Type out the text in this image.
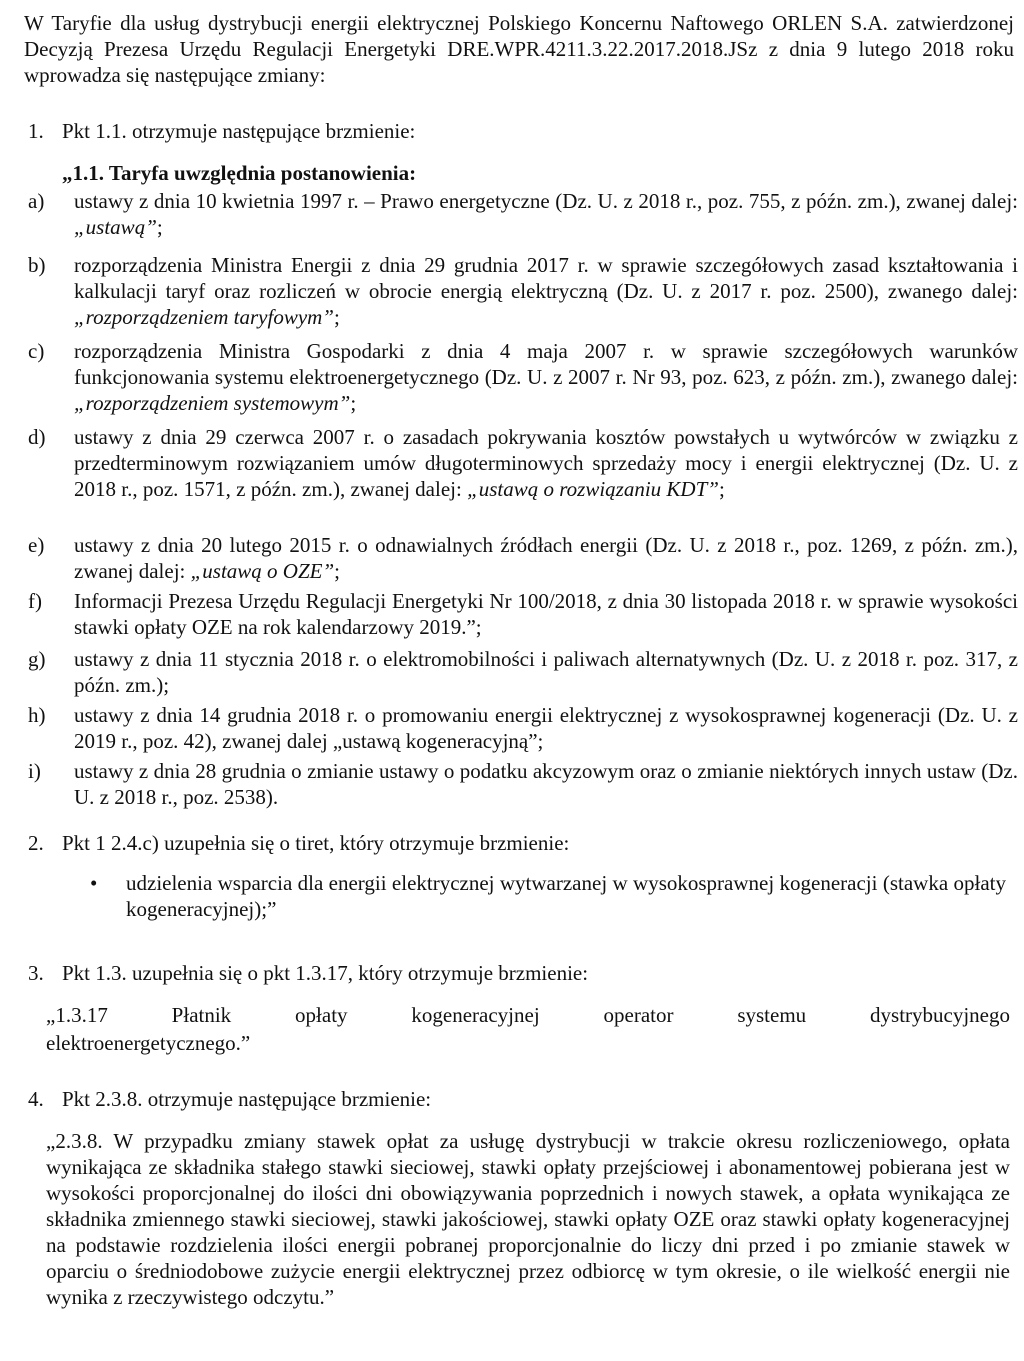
W Taryfie dla usług dystrybucji energii elektrycznej Polskiego Koncernu Naftowego ORLEN S.A. zatwierdzonej Decyzją Prezesa Urzędu Regulacji Energetyki DRE.WPR.4211.3.22.2017.2018.JSz z dnia 9 lutego 2018 roku wprowadza się następujące zmiany:
1. Pkt 1.1. otrzymuje następujące brzmienie:
„1.1. Taryfa uwzględnia postanowienia:
a)	ustawy z dnia 10 kwietnia 1997 r. – Prawo energetyczne (Dz. U. z 2018 r., poz. 755, z późn. zm.), zwanej dalej: „ustawą”;
b)	rozporządzenia Ministra Energii z dnia 29 grudnia 2017 r. w sprawie szczegółowych zasad kształtowania i kalkulacji taryf oraz rozliczeń w obrocie energią elektryczną (Dz. U. z 2017 r. poz. 2500), zwanego dalej: „rozporządzeniem taryfowym”;
c)	rozporządzenia Ministra Gospodarki z dnia 4 maja 2007 r. w sprawie szczegółowych warunków funkcjonowania systemu elektroenergetycznego (Dz. U. z 2007 r. Nr 93, poz. 623, z późn. zm.), zwanego dalej: „rozporządzeniem systemowym”;
d)	ustawy z dnia 29 czerwca 2007 r. o zasadach pokrywania kosztów powstałych u wytwórców w związku z przedterminowym rozwiązaniem umów długoterminowych sprzedaży mocy i energii elektrycznej (Dz. U. z 2018 r., poz. 1571, z późn. zm.), zwanej dalej: „ustawą o rozwiązaniu KDT”;
e)	ustawy z dnia 20 lutego 2015 r. o odnawialnych źródłach energii (Dz. U. z 2018 r., poz. 1269, z późn. zm.), zwanej dalej: „ustawą o OZE”;
f)	Informacji Prezesa Urzędu Regulacji Energetyki Nr 100/2018, z dnia 30 listopada 2018 r. w sprawie wysokości stawki opłaty OZE na rok kalendarzowy 2019.”;
g)	ustawy z dnia 11 stycznia 2018 r. o elektromobilności i paliwach alternatywnych (Dz. U. z 2018 r. poz. 317, z późn. zm.);
h)	ustawy z dnia 14 grudnia 2018 r. o promowaniu energii elektrycznej z wysokosprawnej kogeneracji (Dz. U. z 2019 r., poz. 42), zwanej dalej „ustawą kogeneracyjną”;
i)	ustawy z dnia 28 grudnia o zmianie ustawy o podatku akcyzowym oraz o zmianie niektórych innych ustaw (Dz. U. z 2018 r., poz. 2538).
2. Pkt 1 2.4.c) uzupełnia się o tiret, który otrzymuje brzmienie:
• udzielenia wsparcia dla energii elektrycznej wytwarzanej w wysokosprawnej kogeneracji (stawka opłaty kogeneracyjnej);”
3. Pkt 1.3. uzupełnia się o pkt 1.3.17, który otrzymuje brzmienie:
„1.3.17 Płatnik opłaty kogeneracyjnej operator systemu dystrybucyjnego
elektroenergetycznego.”
4. Pkt 2.3.8. otrzymuje następujące brzmienie:
„2.3.8. W przypadku zmiany stawek opłat za usługę dystrybucji w trakcie okresu rozliczeniowego, opłata wynikająca ze składnika stałego stawki sieciowej, stawki opłaty przejściowej i abonamentowej pobierana jest w wysokości proporcjonalnej do ilości dni obowiązywania poprzednich i nowych stawek, a opłata wynikająca ze składnika zmiennego stawki sieciowej, stawki jakościowej, stawki opłaty OZE oraz stawki opłaty kogeneracyjnej na podstawie rozdzielenia ilości energii pobranej proporcjonalnie do liczy dni przed i po zmianie stawek w oparciu o średniodobowe zużycie energii elektrycznej przez odbiorcę w tym okresie, o ile wielkość energii nie wynika z rzeczywistego odczytu.”
